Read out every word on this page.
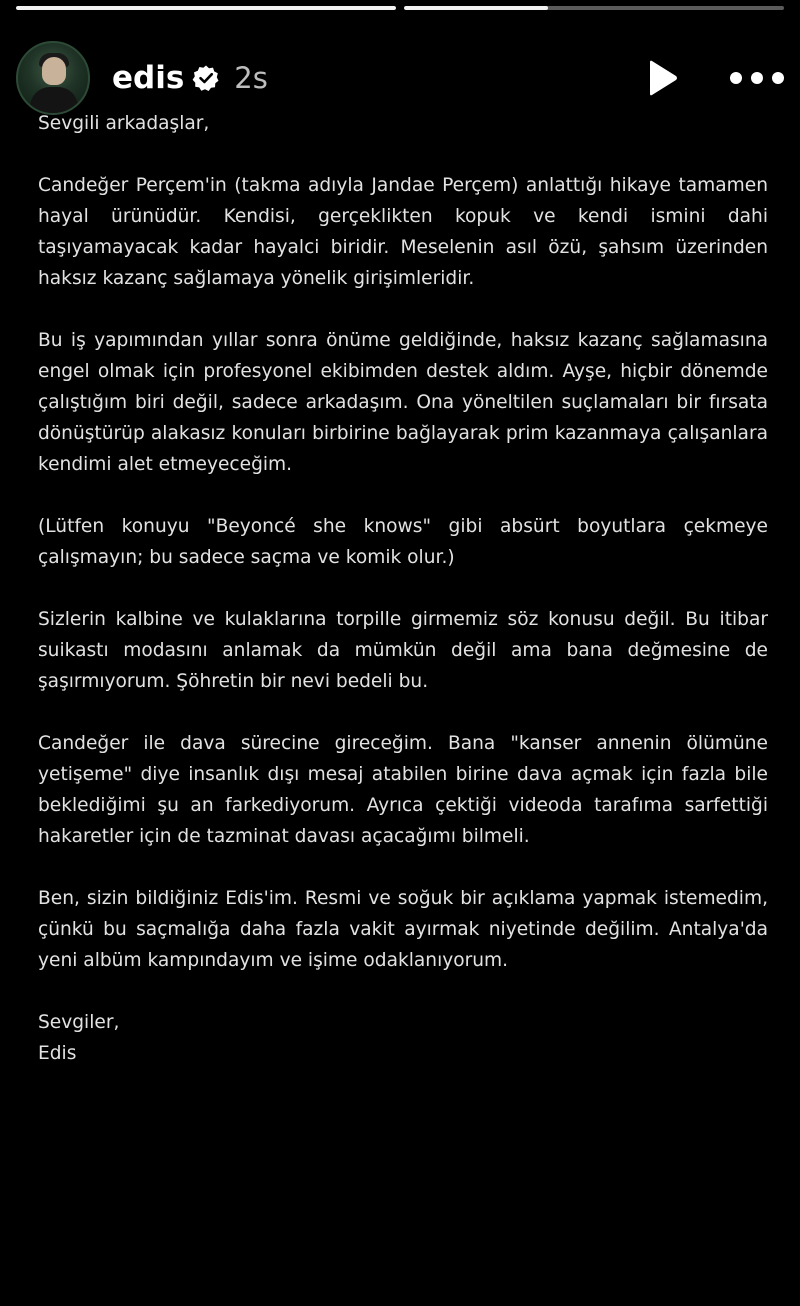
edis 2s

Sevgili arkadaşlar,

Candeğer Perçem'in (takma adıyla Jandae Perçem) anlattığı hikaye tamamen hayal ürünüdür. Kendisi, gerçeklikten kopuk ve kendi ismini dahi taşıyamayacak kadar hayalci biridir. Meselenin asıl özü, şahsım üzerinden haksız kazanç sağlamaya yönelik girişimleridir.

Bu iş yapımından yıllar sonra önüme geldiğinde, haksız kazanç sağlamasına engel olmak için profesyonel ekibimden destek aldım. Ayşe, hiçbir dönemde çalıştığım biri değil, sadece arkadaşım. Ona yöneltilen suçlamaları bir fırsata dönüştürüp alakasız konuları birbirine bağlayarak prim kazanmaya çalışanlara kendimi alet etmeyeceğim.

(Lütfen konuyu "Beyoncé she knows" gibi absürt boyutlara çekmeye çalışmayın; bu sadece saçma ve komik olur.)

Sizlerin kalbine ve kulaklarına torpille girmemiz söz konusu değil. Bu itibar suikastı modasını anlamak da mümkün değil ama bana değmesine de şaşırmıyorum. Şöhretin bir nevi bedeli bu.

Candeğer ile dava sürecine gireceğim. Bana "kanser annenin ölümüne yetişeme" diye insanlık dışı mesaj atabilen birine dava açmak için fazla bile beklediğimi şu an farkediyorum. Ayrıca çektiği videoda tarafıma sarfettiği hakaretler için de tazminat davası açacağımı bilmeli.

Ben, sizin bildiğiniz Edis'im. Resmi ve soğuk bir açıklama yapmak istemedim, çünkü bu saçmalığa daha fazla vakit ayırmak niyetinde değilim. Antalya'da yeni albüm kampındayım ve işime odaklanıyorum.

Sevgiler,

Edis
